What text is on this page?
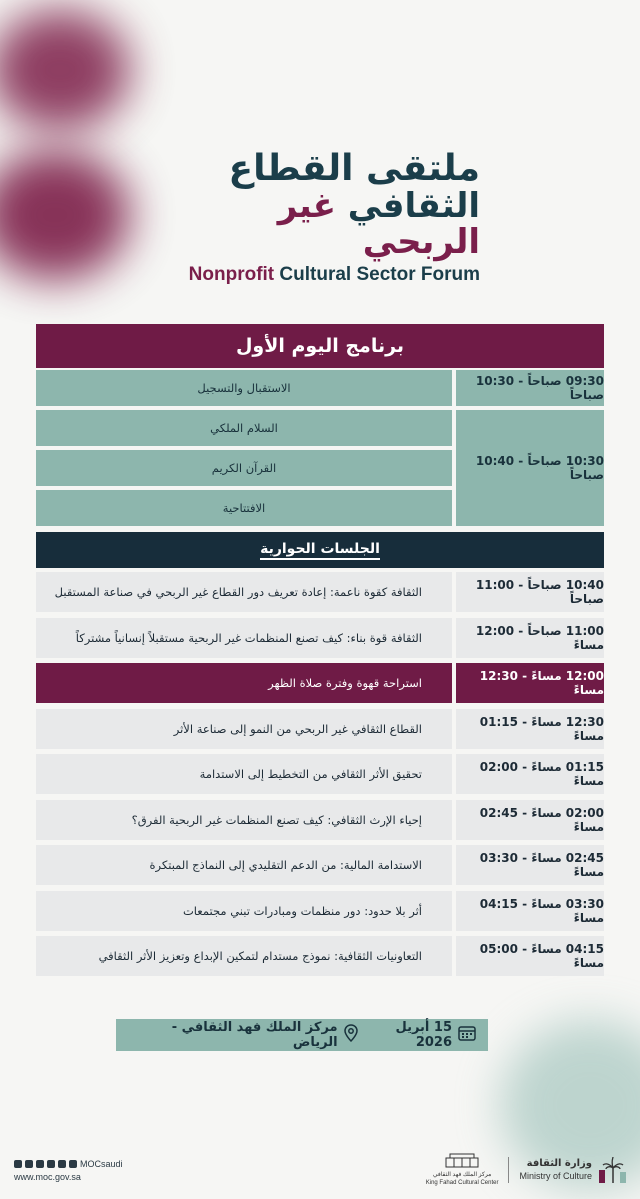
ملتقى القطاع
الثقافي غير الربحي
Nonprofit Cultural Sector Forum
برنامج اليوم الأول
09:30 صباحاً - 10:30 صباحاً
الاستقبال والتسجيل
10:30 صباحاً - 10:40 صباحاً
السلام الملكي
القرآن الكريم
الافتتاحية
الجلسات الحوارية
10:40 صباحاً - 11:00 صباحاً
الثقافة كقوة ناعمة: إعادة تعريف دور القطاع غير الربحي في صناعة المستقبل
11:00 صباحاً - 12:00 مساءً
الثقافة قوة بناء: كيف تصنع المنظمات غير الربحية مستقبلاً إنسانياً مشتركاً
12:00 مساءً - 12:30 مساءً
استراحة قهوة وفترة صلاة الظهر
12:30 مساءً - 01:15 مساءً
القطاع الثقافي غير الربحي من النمو إلى صناعة الأثر
01:15 مساءً - 02:00 مساءً
تحقيق الأثر الثقافي من التخطيط إلى الاستدامة
02:00 مساءً - 02:45 مساءً
إحياء الإرث الثقافي: كيف تصنع المنظمات غير الربحية الفرق؟
02:45 مساءً - 03:30 مساءً
الاستدامة المالية: من الدعم التقليدي إلى النماذج المبتكرة
03:30 مساءً - 04:15 مساءً
أثر بلا حدود: دور منظمات ومبادرات تبني مجتمعات
04:15 مساءً - 05:00 مساءً
التعاونيات الثقافية: نموذج مستدام لتمكين الإبداع وتعزيز الأثر الثقافي
15 أبريل 2026
مركز الملك فهد الثقافي - الرياض
MOCsaudi
www.moc.gov.sa	مركز الملك فهد الثقافي
King Fahad Cultural Center
وزارة الثقافة
Ministry of Culture
